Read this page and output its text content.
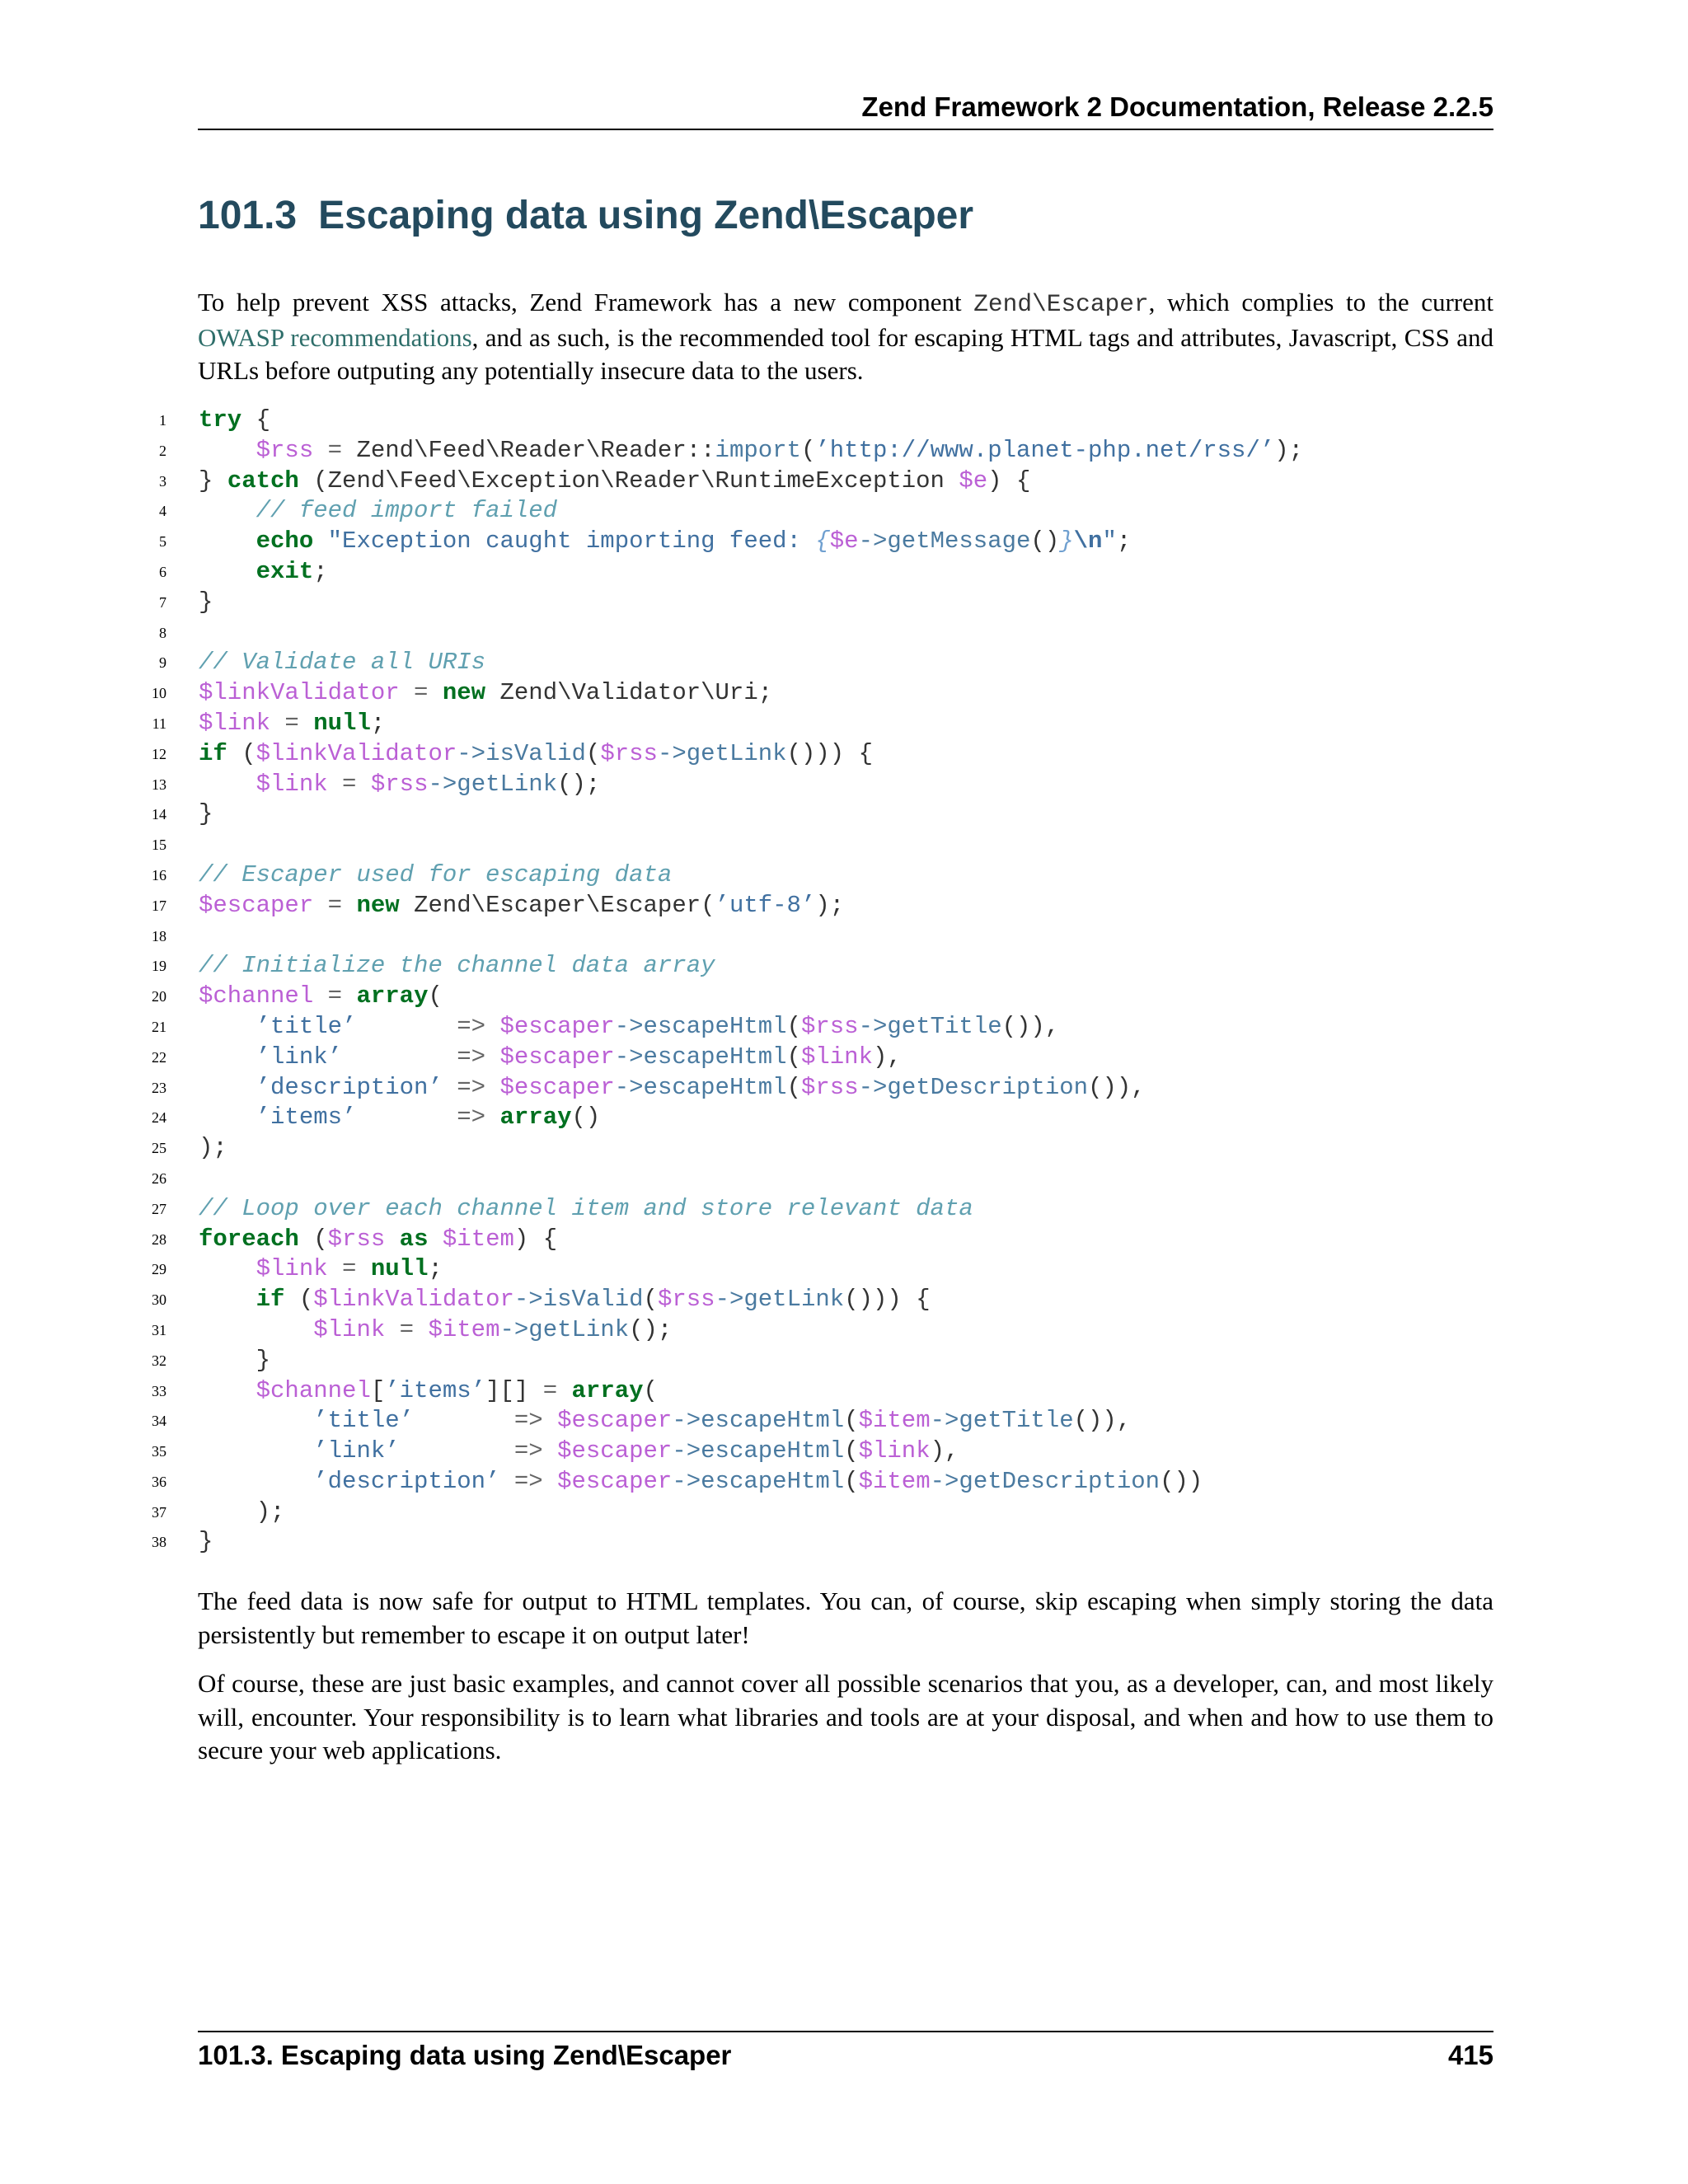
Zend Framework 2 Documentation, Release 2.2.5
101.3 Escaping data using Zend\Escaper

To help prevent XSS attacks, Zend Framework has a new component Zend\Escaper, which complies to the current OWASP recommendations, and as such, is the recommended tool for escaping HTML tags and attributes, Javascript, CSS and URLs before outputing any potentially insecure data to the users.

1 try {
2	$rss = Zend\Feed\Reader\Reader::import(’http://www.planet-php.net/rss/’);
3 } catch (Zend\Feed\Exception\Reader\RuntimeException $e) {
4	// feed import failed
5	echo "Exception caught importing feed: {$e->getMessage()}\n";
6	exit;
7 }
8
9 // Validate all URIs
10 $linkValidator = new Zend\Validator\Uri;
11 $link = null;
12 if ($linkValidator->isValid($rss->getLink())) {
13	$link = $rss->getLink();
14 }
15
16 // Escaper used for escaping data
17 $escaper = new Zend\Escaper\Escaper(’utf-8’);
18
19 // Initialize the channel data array
20 $channel = array(
21	’title’       => $escaper->escapeHtml($rss->getTitle()),
22	’link’        => $escaper->escapeHtml($link),
23	’description’ => $escaper->escapeHtml($rss->getDescription()),
24	’items’       => array()
25 );
26
27 // Loop over each channel item and store relevant data
28 foreach ($rss as $item) {
29	$link = null;
30	if ($linkValidator->isValid($rss->getLink())) {
31	$link = $item->getLink();
32 }
33	$channel[’items’][] = array(
34	’title’       => $escaper->escapeHtml($item->getTitle()),
35	’link’        => $escaper->escapeHtml($link),
36	’description’ => $escaper->escapeHtml($item->getDescription())
37 );
38 }

The feed data is now safe for output to HTML templates. You can, of course, skip escaping when simply storing the data persistently but remember to escape it on output later!

Of course, these are just basic examples, and cannot cover all possible scenarios that you, as a developer, can, and most likely will, encounter. Your responsibility is to learn what libraries and tools are at your disposal, and when and how to use them to secure your web applications.

101.3. Escaping data using Zend\Escaper	415
